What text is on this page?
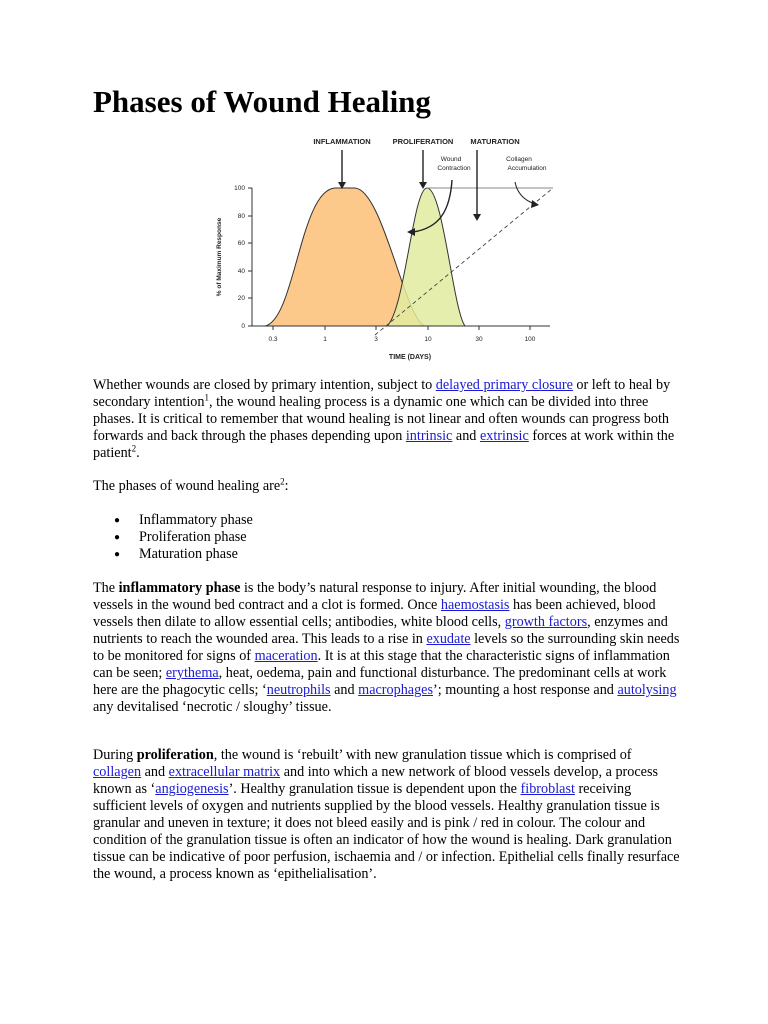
Phases of Wound Healing
100
80
60
40
20
0
0.3	1	3	10	30	100
TIME (DAYS)
% of Maximum Response
INFLAMMATION	PROLIFERATION MATURATION
Wound
Contraction
Collagen
Accumulation

Whether wounds are closed by primary intention, subject to delayed primary closure or left to heal by secondary intention$^1$, the wound healing process is a dynamic one which can be divided into three phases. It is critical to remember that wound healing is not linear and often wounds can progress both forwards and back through the phases depending upon intrinsic and extrinsic forces at work within the patient$^2$.

The phases of wound healing are$^2$:

● Inflammatory phase
● Proliferation phase
● Maturation phase

The inflammatory phase is the body’s natural response to injury. After initial wounding, the blood vessels in the wound bed contract and a clot is formed. Once haemostasis has been achieved, blood vessels then dilate to allow essential cells; antibodies, white blood cells, growth factors, enzymes and nutrients to reach the wounded area. This leads to a rise in exudate levels so the surrounding skin needs to be monitored for signs of maceration. It is at this stage that the characteristic signs of inflammation can be seen; erythema, heat, oedema, pain and functional disturbance. The predominant cells at work here are the phagocytic cells; ‘neutrophils and macrophages’; mounting a host response and autolysing any devitalised ‘necrotic / sloughy’ tissue.

During proliferation, the wound is ‘rebuilt’ with new granulation tissue which is comprised of collagen and extracellular matrix and into which a new network of blood vessels develop, a process known as ‘angiogenesis’. Healthy granulation tissue is dependent upon the fibroblast receiving sufficient levels of oxygen and nutrients supplied by the blood vessels. Healthy granulation tissue is granular and uneven in texture; it does not bleed easily and is pink / red in colour. The colour and condition of the granulation tissue is often an indicator of how the wound is healing. Dark granulation tissue can be indicative of poor perfusion, ischaemia and / or infection. Epithelial cells finally resurface the wound, a process known as ‘epithelialisation’.
